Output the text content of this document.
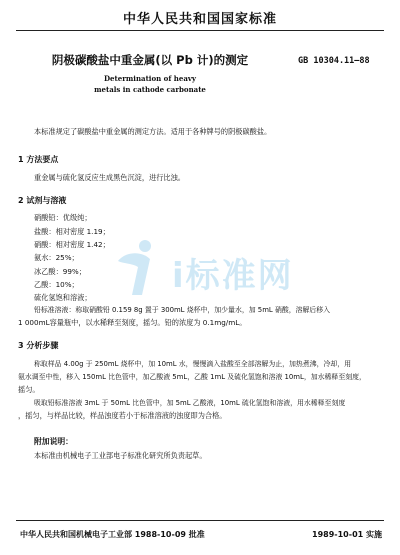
中华人民共和国国家标准
阴极碳酸盐中重金属(以 Pb 计)的测定	GB 10304.11—88
Determination of heavy
metals in cathode carbonate
i标准网
本标准规定了碳酸盐中重金属的测定方法。适用于各种牌号的阴极碳酸盐。
1 方法要点
重金属与硫化氢反应生成黑色沉淀，进行比浊。
2 试剂与溶液
硝酸铅：优级纯；
盐酸：相对密度 1.19；
硝酸：相对密度 1.42；
氨水：25%；
冰乙酸：99%；
乙酸：10%；
硫化氢饱和溶液；
铅标准溶液：称取硝酸铅 0.159 8g 置于 300mL 烧杯中，加少量水，加 5mL 硝酸，溶解后移入
1 000mL容量瓶中，以水稀释至刻度，摇匀。铅的浓度为 0.1mg/mL。
3 分析步骤
称取样品 4.00g 于 250mL 烧杯中，加 10mL 水，慢慢滴入盐酸至全部溶解为止，加热煮沸，冷却，用
氨水调至中性，移入 150mL 比色管中，加乙酸液 5mL，乙酸 1mL 及硫化氢饱和溶液 10mL，加水稀释至刻度，
摇匀。
吸取铅标准溶液 3mL 于 50mL 比色管中，加 5mL 乙酸液，10mL 硫化氢饱和溶液，用水稀释至刻度
，摇匀，与样品比较，样品浊度若小于标准溶液的浊度即为合格。
附加说明：
本标准由机械电子工业部电子标准化研究所负责起草。
中华人民共和国机械电子工业部 1988-10-09 批准	1989-10-01 实施
